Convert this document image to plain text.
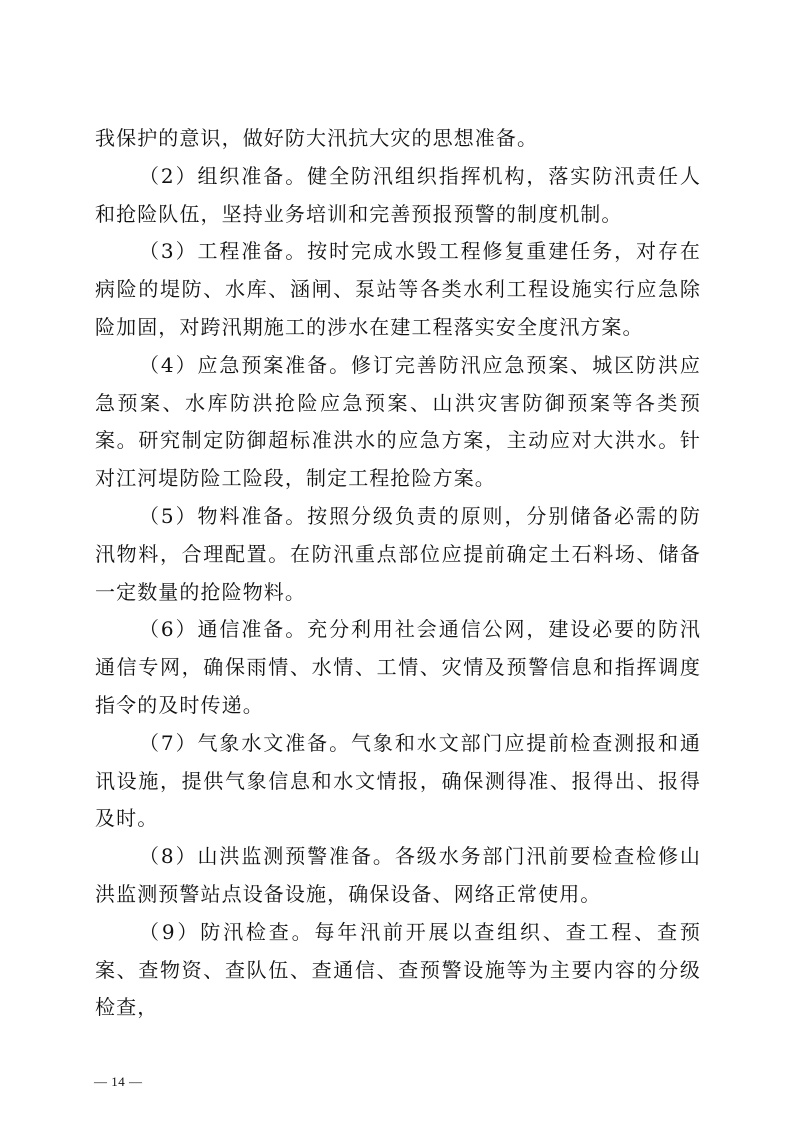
我保护的意识，做好防大汛抗大灾的思想准备。

（2）组织准备。健全防汛组织指挥机构，落实防汛责任人和抢险队伍，坚持业务培训和完善预报预警的制度机制。

（3）工程准备。按时完成水毁工程修复重建任务，对存在病险的堤防、水库、涵闸、泵站等各类水利工程设施实行应急除险加固，对跨汛期施工的涉水在建工程落实安全度汛方案。

（4）应急预案准备。修订完善防汛应急预案、城区防洪应急预案、水库防洪抢险应急预案、山洪灾害防御预案等各类预案。研究制定防御超标准洪水的应急方案，主动应对大洪水。针对江河堤防险工险段，制定工程抢险方案。

（5）物料准备。按照分级负责的原则，分别储备必需的防汛物料，合理配置。在防汛重点部位应提前确定土石料场、储备一定数量的抢险物料。

（6）通信准备。充分利用社会通信公网，建设必要的防汛通信专网，确保雨情、水情、工情、灾情及预警信息和指挥调度指令的及时传递。

（7）气象水文准备。气象和水文部门应提前检查测报和通讯设施，提供气象信息和水文情报，确保测得准、报得出、报得及时。

（8）山洪监测预警准备。各级水务部门汛前要检查检修山洪监测预警站点设备设施，确保设备、网络正常使用。

（9）防汛检查。每年汛前开展以查组织、查工程、查预案、查物资、查队伍、查通信、查预警设施等为主要内容的分级检查，

— 14 —
